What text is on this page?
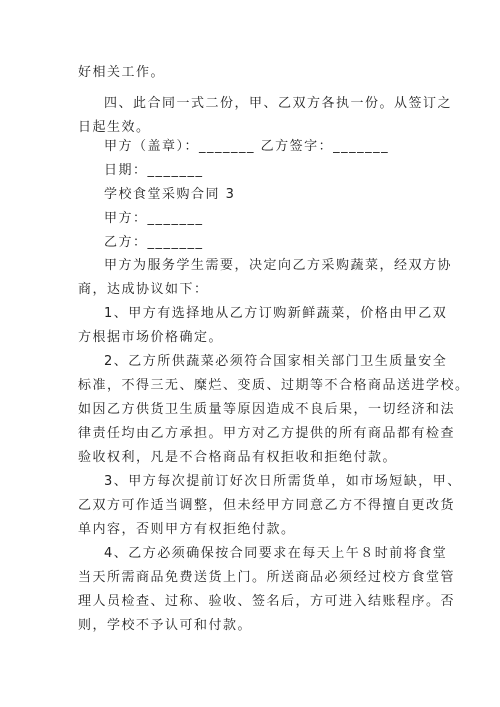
好相关工作。
四、此合同一式二份，甲、乙双方各执一份。从签订之
日起生效。
甲方（盖章）：_______ 乙方签字：_______
日期：_______
学校食堂采购合同 3
甲方：_______
乙方：_______
甲方为服务学生需要，决定向乙方采购蔬菜，经双方协
商，达成协议如下：
1、甲方有选择地从乙方订购新鲜蔬菜，价格由甲乙双
方根据市场价格确定。
2、乙方所供蔬菜必须符合国家相关部门卫生质量安全
标准，不得三无、糜烂、变质、过期等不合格商品送进学校。
如因乙方供货卫生质量等原因造成不良后果，一切经济和法
律责任均由乙方承担。甲方对乙方提供的所有商品都有检查
验收权利，凡是不合格商品有权拒收和拒绝付款。
3、甲方每次提前订好次日所需货单，如市场短缺，甲、
乙双方可作适当调整，但未经甲方同意乙方不得擅自更改货
单内容，否则甲方有权拒绝付款。
4、乙方必须确保按合同要求在每天上午８时前将食堂
当天所需商品免费送货上门。所送商品必须经过校方食堂管
理人员检查、过称、验收、签名后，方可进入结账程序。否
则，学校不予认可和付款。
